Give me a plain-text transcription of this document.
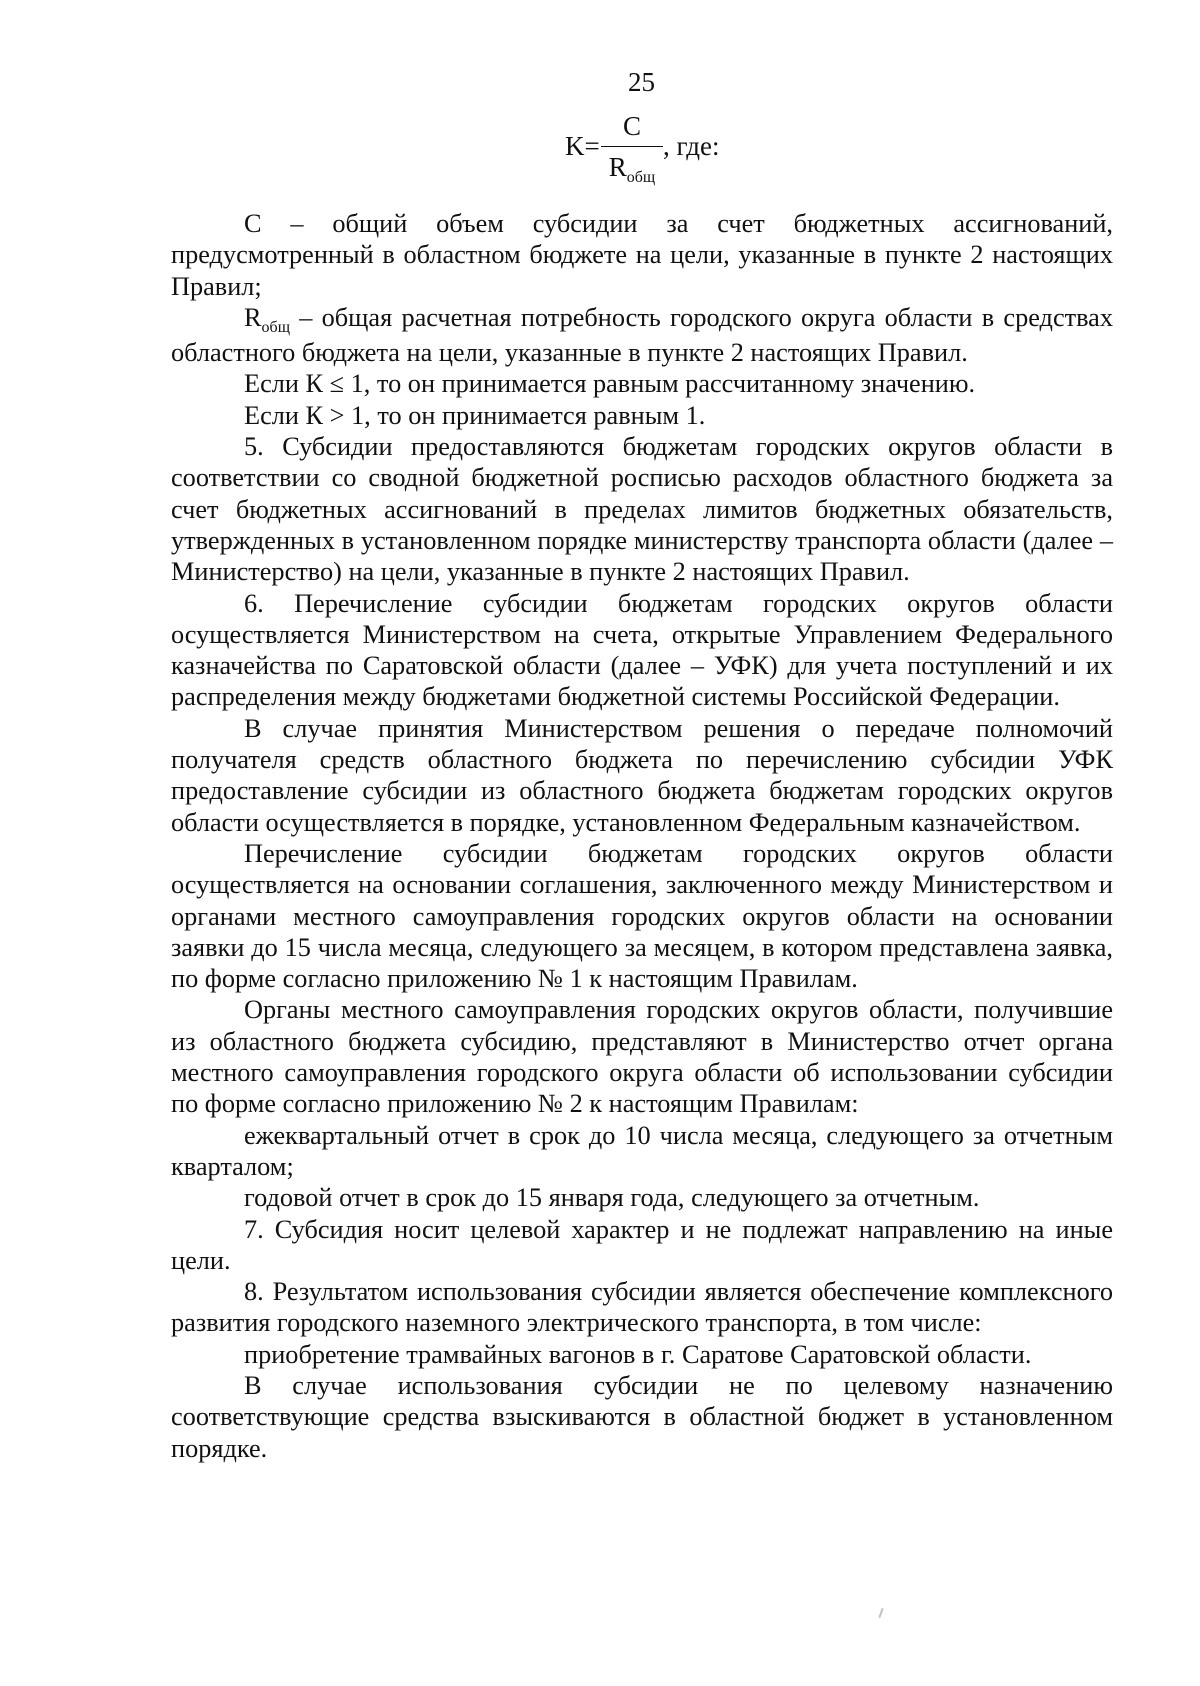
25
K=
C
$R_{общ}$
, где:

С – общий объем субсидии за счет бюджетных ассигнований, предусмотренный в областном бюджете на цели, указанные в пункте 2 настоящих Правил;

$R_{общ}$ – общая расчетная потребность городского округа области в средствах областного бюджета на цели, указанные в пункте 2 настоящих Правил.

Если К ≤ 1, то он принимается равным рассчитанному значению.

Если К > 1, то он принимается равным 1.

5. Субсидии предоставляются бюджетам городских округов области в соответствии со сводной бюджетной росписью расходов областного бюджета за счет бюджетных ассигнований в пределах лимитов бюджетных обязательств, утвержденных в установленном порядке министерству транспорта области (далее – Министерство) на цели, указанные в пункте 2 настоящих Правил.

6. Перечисление субсидии бюджетам городских округов области осуществляется Министерством на счета, открытые Управлением Федерального казначейства по Саратовской области (далее – УФК) для учета поступлений и их распределения между бюджетами бюджетной системы Российской Федерации.

В случае принятия Министерством решения о передаче полномочий получателя средств областного бюджета по перечислению субсидии УФК предоставление субсидии из областного бюджета бюджетам городских округов области осуществляется в порядке, установленном Федеральным казначейством.

Перечисление субсидии бюджетам городских округов области осуществляется на основании соглашения, заключенного между Министерством и органами местного самоуправления городских округов области на основании заявки до 15 числа месяца, следующего за месяцем, в котором представлена заявка, по форме согласно приложению № 1 к настоящим Правилам.

Органы местного самоуправления городских округов области, получившие из областного бюджета субсидию, представляют в Министерство отчет органа местного самоуправления городского округа области об использовании субсидии по форме согласно приложению № 2 к настоящим Правилам:

ежеквартальный отчет в срок до 10 числа месяца, следующего за отчетным кварталом;

годовой отчет в срок до 15 января года, следующего за отчетным.

7. Субсидия носит целевой характер и не подлежат направлению на иные цели.

8. Результатом использования субсидии является обеспечение комплексного развития городского наземного электрического транспорта, в том числе:

приобретение трамвайных вагонов в г. Саратове Саратовской области.

В случае использования субсидии не по целевому назначению соответствующие средства взыскиваются в областной бюджет в установленном порядке.
